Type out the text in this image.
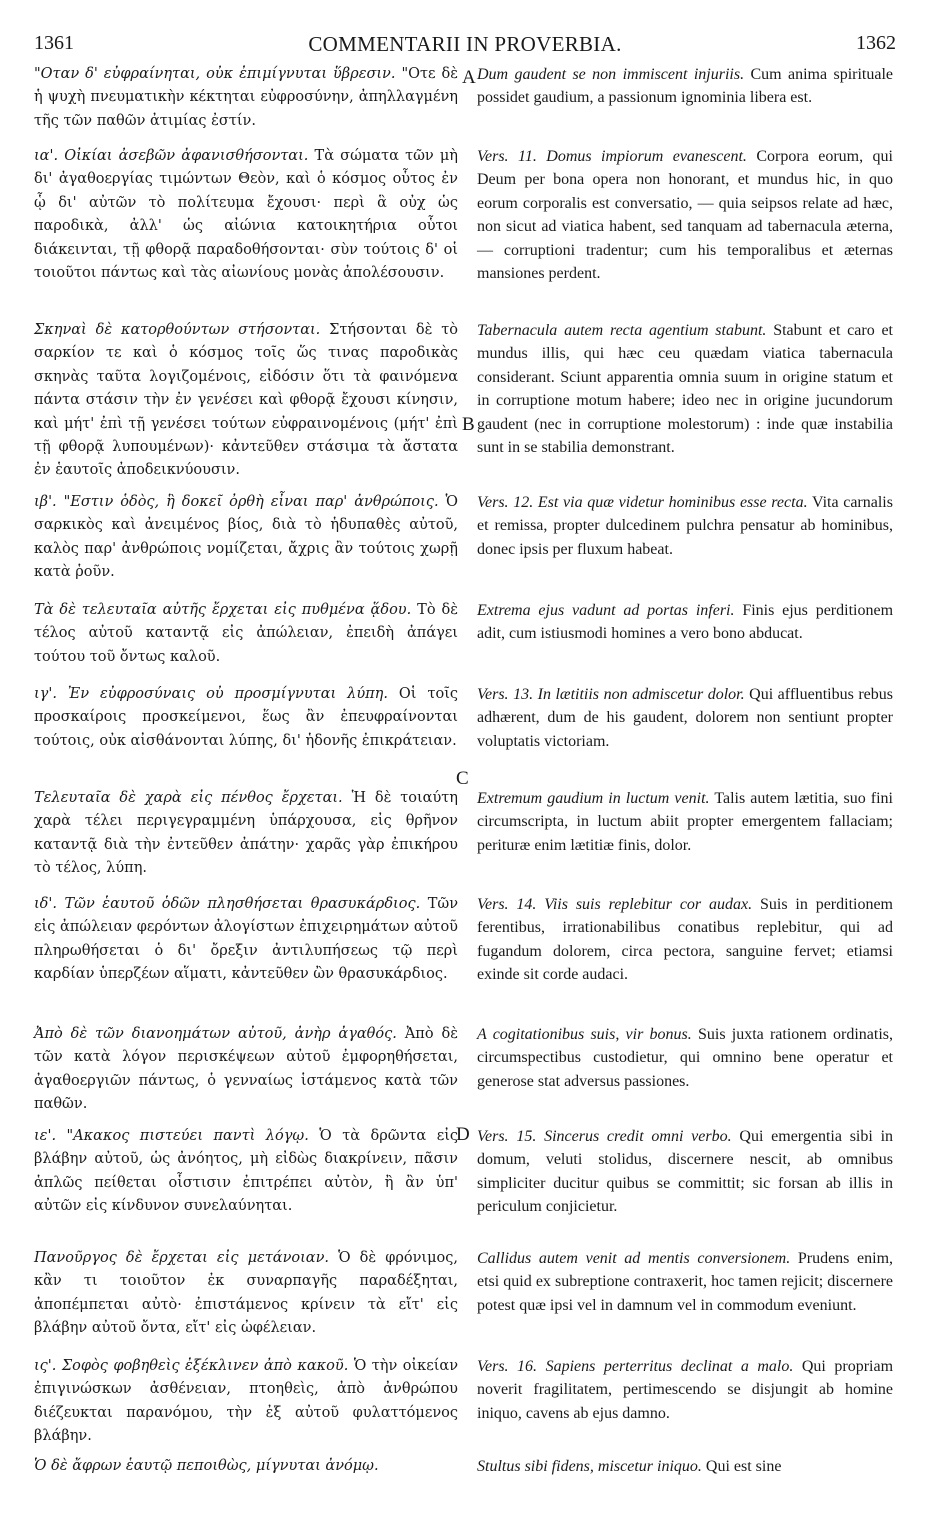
1361	COMMENTARII IN PROVERBIA.	1362
A
B
C
D
"Οταν δ' εὐφραίνηται, οὐκ ἐπιμίγνυται ὕβρεσιν. "Οτε δὲ ἡ ψυχὴ πνευματικὴν κέκτηται εὐφροσύνην, ἀπηλλαγμένη τῆς τῶν παθῶν ἀτιμίας ἐστίν.
ια'. Οἰκίαι ἀσεβῶν ἀφανισθήσονται. Τὰ σώματα τῶν μὴ δι' ἀγαθοεργίας τιμώντων Θεὸν, καὶ ὁ κόσμος οὗτος ἐν ᾧ δι' αὐτῶν τὸ πολίτευμα ἔχουσι· περὶ ἃ οὐχ ὡς παροδικὰ, ἀλλ' ὡς αἰώνια κατοικητήρια οὗτοι διάκεινται, τῇ φθορᾷ παραδοθήσονται· σὺν τούτοις δ' οἱ τοιοῦτοι πάντως καὶ τὰς αἰωνίους μονὰς ἀπολέσουσιν.
Σκηναὶ δὲ κατορθούντων στήσονται. Στήσονται δὲ τὸ σαρκίον τε καὶ ὁ κόσμος τοῖς ὥς τινας παροδικὰς σκηνὰς ταῦτα λογιζομένοις, εἰδόσιν ὅτι τὰ φαινόμενα πάντα στάσιν τὴν ἐν γενέσει καὶ φθορᾷ ἔχουσι κίνησιν, καὶ μήτ' ἐπὶ τῇ γενέσει τούτων εὐφραινομένοις (μήτ' ἐπὶ τῇ φθορᾷ λυπουμένων)· κἀντεῦθεν στάσιμα τὰ ἄστατα ἐν ἑαυτοῖς ἀποδεικνύουσιν.
ιβ'. "Εστιν ὁδὸς, ἣ δοκεῖ ὀρθὴ εἶναι παρ' ἀνθρώποις. Ὁ σαρκικὸς καὶ ἀνειμένος βίος, διὰ τὸ ἡδυπαθὲς αὐτοῦ, καλὸς παρ' ἀνθρώποις νομίζεται, ἄχρις ἂν τούτοις χωρῇ κατὰ ῥοῦν.
Τὰ δὲ τελευταῖα αὐτῆς ἔρχεται εἰς πυθμένα ᾅδου. Τὸ δὲ τέλος αὐτοῦ καταντᾷ εἰς ἀπώλειαν, ἐπειδὴ ἀπάγει τούτου τοῦ ὄντως καλοῦ.
ιγ'. Ἐν εὐφροσύναις οὐ προσμίγνυται λύπη. Οἱ τοῖς προσκαίροις προσκείμενοι, ἕως ἂν ἐπευφραίνονται τούτοις, οὐκ αἰσθάνονται λύπης, δι' ἡδονῆς ἐπικράτειαν.
Τελευταῖα δὲ χαρὰ εἰς πένθος ἔρχεται. Ἡ δὲ τοιαύτη χαρὰ τέλει περιγεγραμμένη ὑπάρχουσα, εἰς θρῆνον καταντᾷ διὰ τὴν ἐντεῦθεν ἀπάτην· χαρᾶς γὰρ ἐπικήρου τὸ τέλος, λύπη.
ιδ'. Τῶν ἑαυτοῦ ὁδῶν πλησθήσεται θρασυκάρδιος. Τῶν εἰς ἀπώλειαν φερόντων ἀλογίστων ἐπιχειρημάτων αὐτοῦ πληρωθήσεται ὁ δι' ὄρεξιν ἀντιλυπήσεως τῷ περὶ καρδίαν ὑπερζέων αἵματι, κἀντεῦθεν ὢν θρασυκάρδιος.
Ἀπὸ δὲ τῶν διανοημάτων αὐτοῦ, ἀνὴρ ἀγαθός. Ἀπὸ δὲ τῶν κατὰ λόγον περισκέψεων αὐτοῦ ἐμφορηθήσεται, ἀγαθοεργιῶν πάντως, ὁ γενναίως ἱστάμενος κατὰ τῶν παθῶν.
ιε'. "Ακακος πιστεύει παντὶ λόγῳ. Ὁ τὰ δρῶντα εἰς βλάβην αὐτοῦ, ὡς ἀνόητος, μὴ εἰδὼς διακρίνειν, πᾶσιν ἁπλῶς πείθεται οἷστισιν ἐπιτρέπει αὐτὸν, ἢ ἂν ὑπ' αὐτῶν εἰς κίνδυνον συνελαύνηται.
Πανοῦργος δὲ ἔρχεται εἰς μετάνοιαν. Ὁ δὲ φρόνιμος, κἂν τι τοιοῦτον ἐκ συναρπαγῆς παραδέξηται, ἀποπέμπεται αὐτὸ· ἐπιστάμενος κρίνειν τὰ εἴτ' εἰς βλάβην αὐτοῦ ὄντα, εἴτ' εἰς ὠφέλειαν.
ις'. Σοφὸς φοβηθεὶς ἐξέκλινεν ἀπὸ κακοῦ. Ὁ τὴν οἰκείαν ἐπιγινώσκων ἀσθένειαν, πτοηθεὶς, ἀπὸ ἀνθρώπου διέζευκται παρανόμου, τὴν ἐξ αὐτοῦ φυλαττόμενος βλάβην.
Ὁ δὲ ἄφρων ἑαυτῷ πεποιθὼς, μίγνυται ἀνόμῳ.
Dum gaudent se non immiscent injuriis. Cum anima spiritualе possidet gaudium, a passionum ignominia libera est.
Vers. 11. Domus impiorum evanescent. Corpora eorum, qui Deum per bona opera non honorant, et mundus hic, in quo eorum corporalis est conversatio, — quia seipsos relate ad hæc, non sicut ad viatica habent, sed tanquam ad tabernacula æterna, — corruptioni tradentur; cum his temporalibus et æternas mansiones perdent.
Tabernacula autem recta agentium stabunt. Stabunt et caro et mundus illis, qui hæc ceu quædam viatica tabernacula considerant. Sciunt apparentia omnia suum in origine statum et in corruptione motum habere; ideo nec in origine jucundorum gaudent (nec in corruptione molestorum) : inde quæ instabilia sunt in se stabilia demonstrant.
Vers. 12. Est via quæ videtur hominibus esse recta. Vita carnalis et remissa, propter dulcedinem pulchra pensatur ab hominibus, donec ipsis per fluxum habeat.
Extrema ejus vadunt ad portas inferi. Finis ejus perditionem adit, cum istiusmodi homines a vero bono abducat.
Vers. 13. In lætitiis non admiscetur dolor. Qui affluentibus rebus adhærent, dum de his gaudent, dolorem non sentiunt propter voluptatis victoriam.
Extremum gaudium in luctum venit. Talis autem lætitia, suo fini circumscripta, in luctum abiit propter emergentem fallaciam; perituræ enim lætitiæ finis, dolor.
Vers. 14. Viis suis replebitur cor audax. Suis in perditionem ferentibus, irrationabilibus conatibus replebitur, qui ad fugandum dolorem, circa pectora, sanguine fervet; etiamsi exinde sit corde audaci.
A cogitationibus suis, vir bonus. Suis juxta rationem ordinatis, circumspectibus custodietur, qui omnino bene operatur et generose stat adversus passiones.
Vers. 15. Sincerus credit omni verbo. Qui emergentia sibi in domum, veluti stolidus, discernere nescit, ab omnibus simpliciter ducitur quibus se committit; sic forsan ab illis in periculum conjicietur.
Callidus autem venit ad mentis conversionem. Prudens enim, etsi quid ex subreptione contraxerit, hoc tamen rejicit; discernere potest quæ ipsi vel in damnum vel in commodum eveniunt.
Vers. 16. Sapiens perterritus declinat a malo. Qui propriam noverit fragilitatem, pertimescendo se disjungit ab homine iniquo, cavens ab ejus damno.
Stultus sibi fidens, miscetur iniquo. Qui est sine
